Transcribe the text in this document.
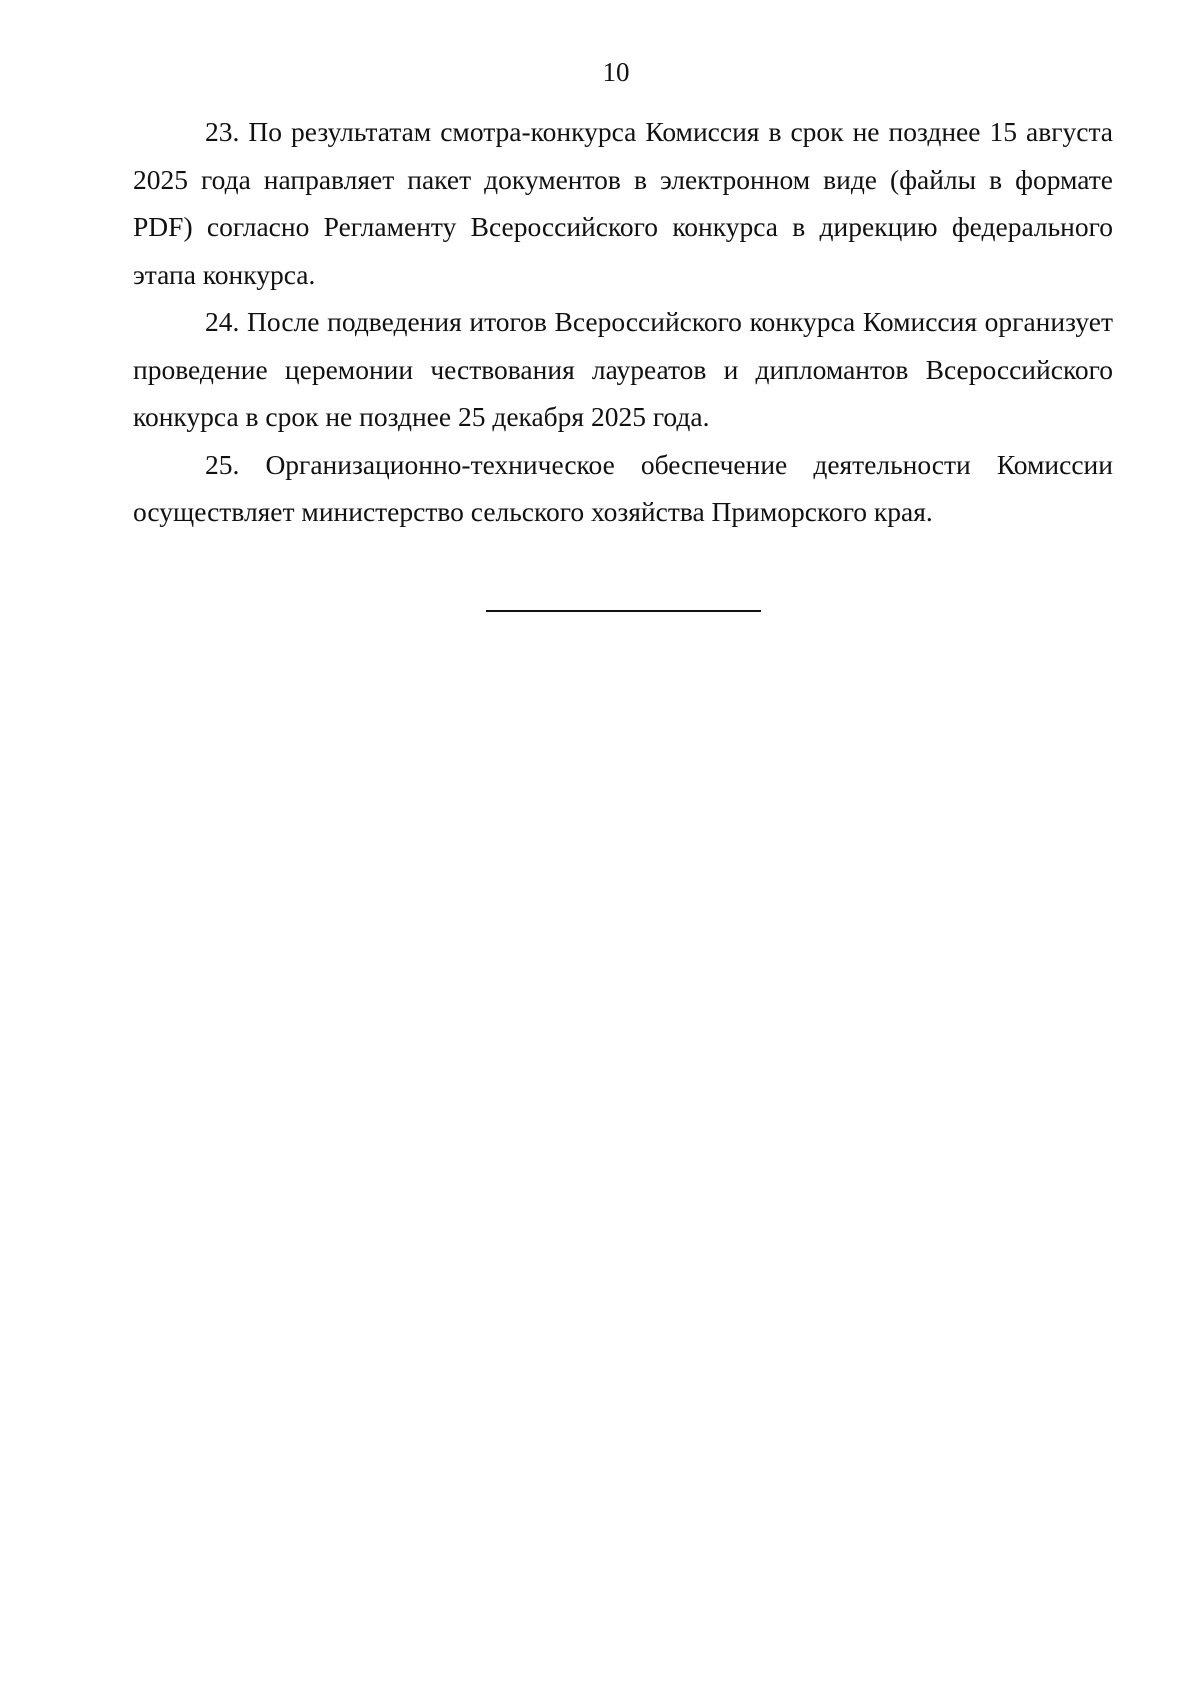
10

23. По результатам смотра-конкурса Комиссия в срок не позднее 15 августа 2025 года направляет пакет документов в электронном виде (файлы в формате PDF) согласно Регламенту Всероссийского конкурса в дирекцию федерального этапа конкурса.

24. После подведения итогов Всероссийского конкурса Комиссия организует проведение церемонии чествования лауреатов и дипломантов Всероссийского конкурса в срок не позднее 25 декабря 2025 года.

25. Организационно-техническое обеспечение деятельности Комиссии осуществляет министерство сельского хозяйства Приморского края.
